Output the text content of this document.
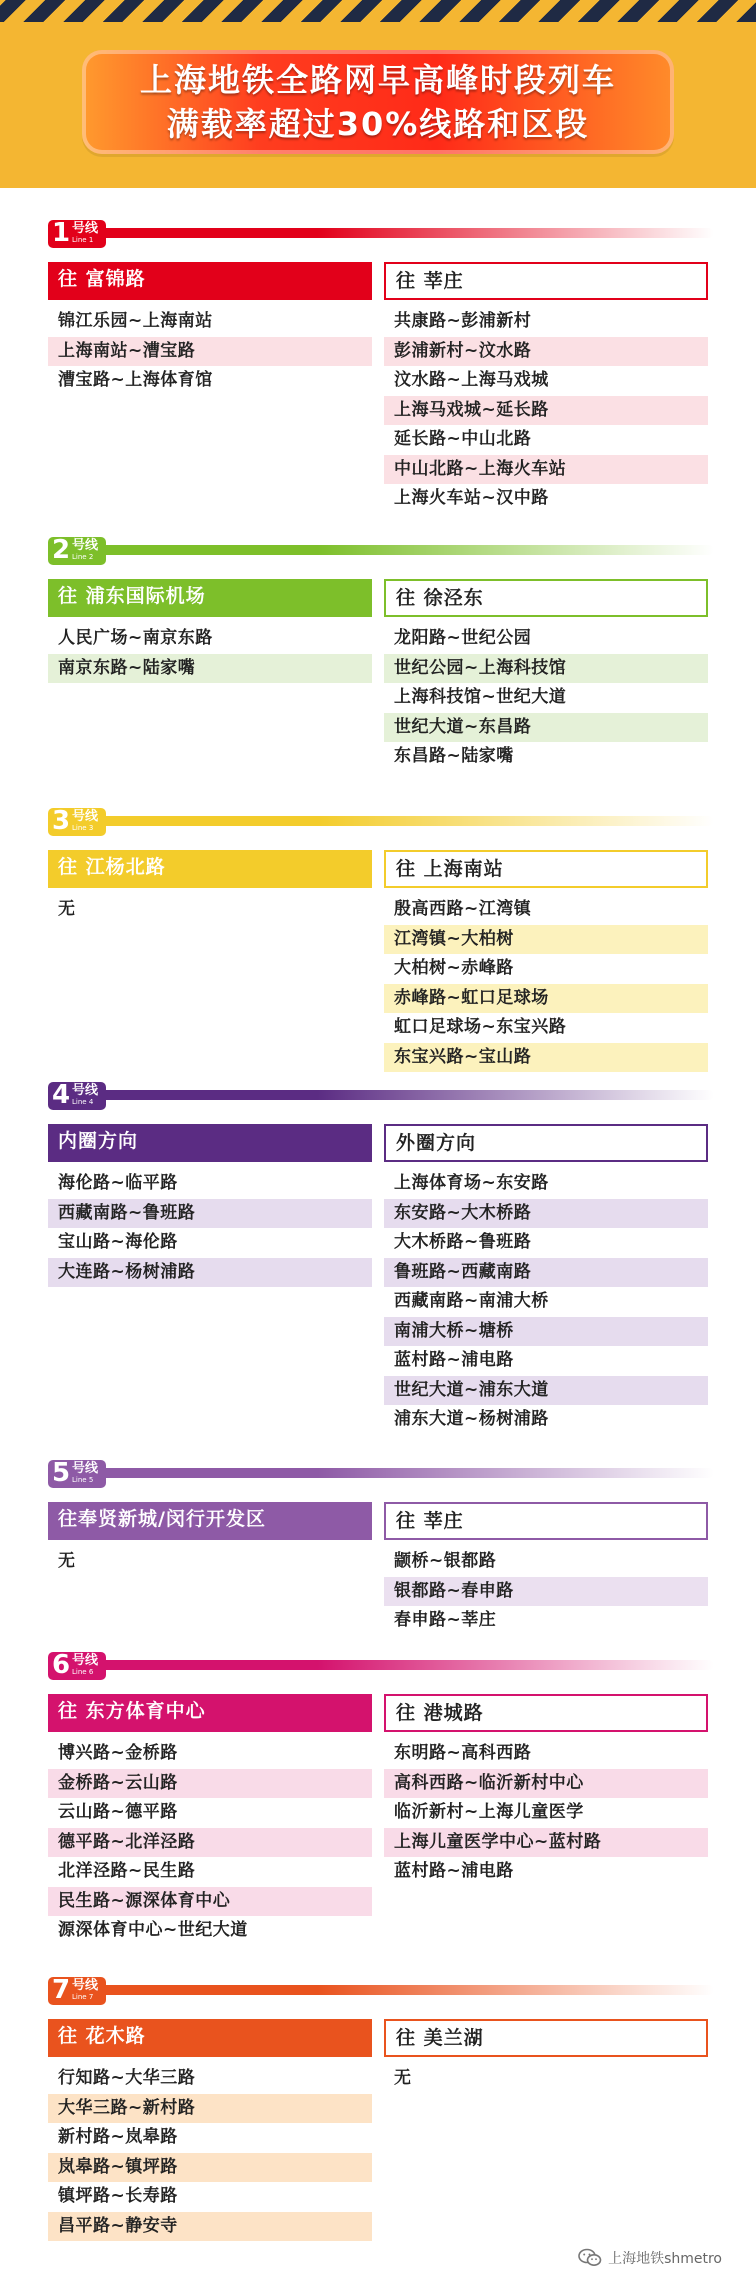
上海地铁全路网早高峰时段列车
满载率超过30%线路和区段
1 号线
Line 1
往 富锦路
锦江乐园~上海南站
上海南站~漕宝路
漕宝路~上海体育馆
往 莘庄
共康路~彭浦新村
彭浦新村~汶水路
汶水路~上海马戏城
上海马戏城~延长路
延长路~中山北路
中山北路~上海火车站
上海火车站~汉中路
2 号线
Line 2
往 浦东国际机场
人民广场~南京东路
南京东路~陆家嘴
往 徐泾东
龙阳路~世纪公园
世纪公园~上海科技馆
上海科技馆~世纪大道
世纪大道~东昌路
东昌路~陆家嘴
3 号线
Line 3
往 江杨北路
无
往 上海南站
殷高西路~江湾镇
江湾镇~大柏树
大柏树~赤峰路
赤峰路~虹口足球场
虹口足球场~东宝兴路
东宝兴路~宝山路
4 号线
Line 4
内圈方向
海伦路~临平路
西藏南路~鲁班路
宝山路~海伦路
大连路~杨树浦路
外圈方向
上海体育场~东安路
东安路~大木桥路
大木桥路~鲁班路
鲁班路~西藏南路
西藏南路~南浦大桥
南浦大桥~塘桥
蓝村路~浦电路
世纪大道~浦东大道
浦东大道~杨树浦路
5 号线
Line 5
往奉贤新城/闵行开发区
无
往 莘庄
颛桥~银都路
银都路~春申路
春申路~莘庄
6 号线
Line 6
往 东方体育中心
博兴路~金桥路
金桥路~云山路
云山路~德平路
德平路~北洋泾路
北洋泾路~民生路
民生路~源深体育中心
源深体育中心~世纪大道
往 港城路
东明路~高科西路
高科西路~临沂新村中心
临沂新村~上海儿童医学
上海儿童医学中心~蓝村路
蓝村路~浦电路
7 号线
Line 7
往 花木路
行知路~大华三路
大华三路~新村路
新村路~岚皋路
岚皋路~镇坪路
镇坪路~长寿路
昌平路~静安寺
往 美兰湖
无
上海地铁shmetro
